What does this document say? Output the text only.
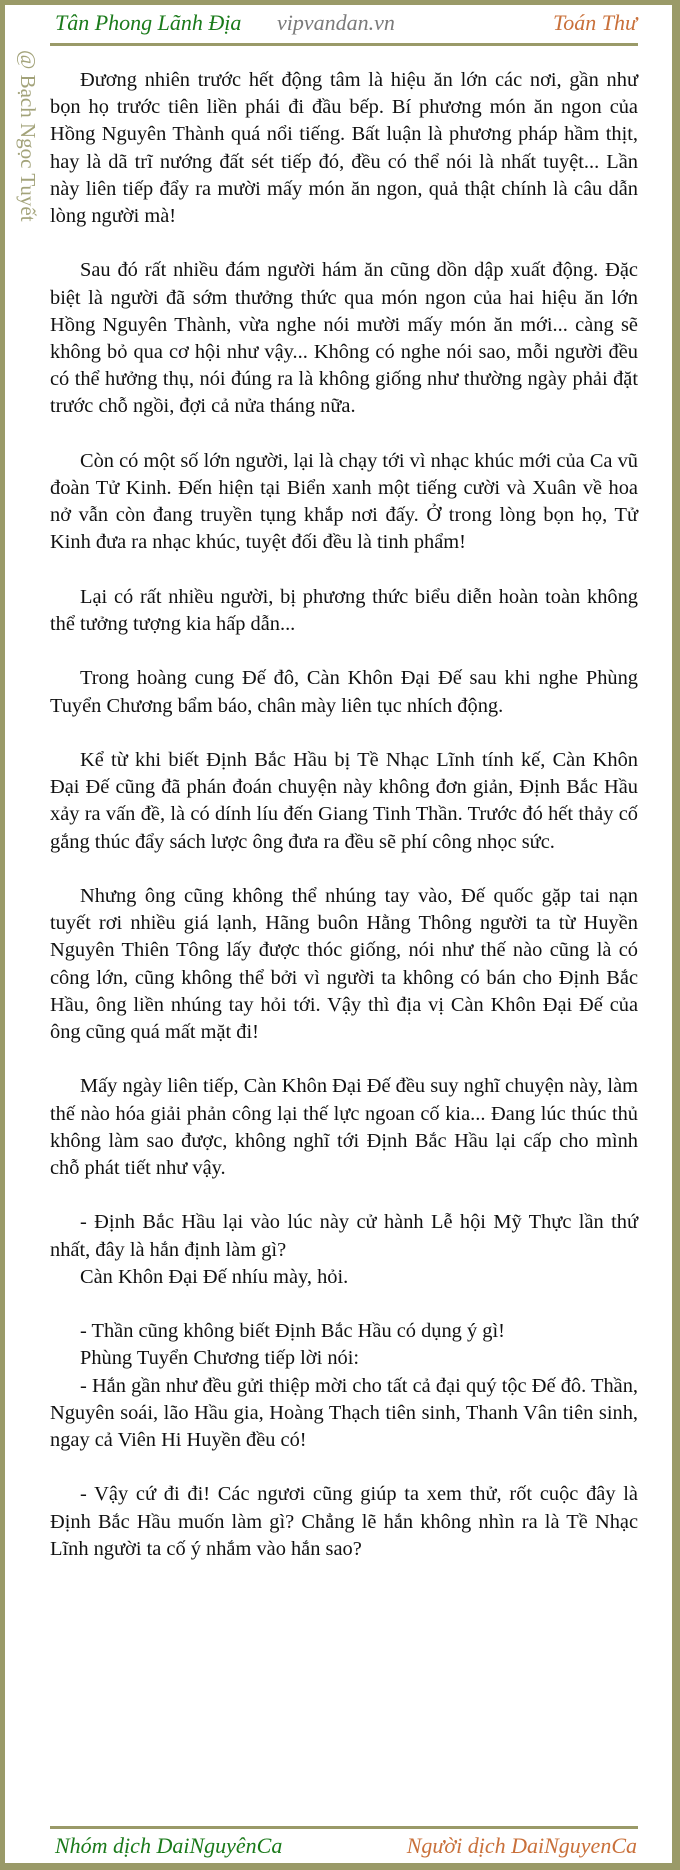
Tân Phong Lãnh Địa vipvandan.vn	Toán Thư
@ Bạch Ngọc Tuyết	Đương nhiên trước hết động tâm là hiệu ăn lớn các nơi, gần như bọn họ trước tiên liền phái đi đầu bếp. Bí phương món ăn ngon của Hồng Nguyên Thành quá nổi tiếng. Bất luận là phương pháp hầm thịt, hay là dã trĩ nướng đất sét tiếp đó, đều có thể nói là nhất tuyệt... Lần này liên tiếp đẩy ra mười mấy món ăn ngon, quả thật chính là câu dẫn lòng người mà!

Sau đó rất nhiều đám người hám ăn cũng dồn dập xuất động. Đặc biệt là người đã sớm thưởng thức qua món ngon của hai hiệu ăn lớn Hồng Nguyên Thành, vừa nghe nói mười mấy món ăn mới... càng sẽ không bỏ qua cơ hội như vậy... Không có nghe nói sao, mỗi người đều có thể hưởng thụ, nói đúng ra là không giống như thường ngày phải đặt trước chỗ ngồi, đợi cả nửa tháng nữa.

Còn có một số lớn người, lại là chạy tới vì nhạc khúc mới của Ca vũ đoàn Tử Kinh. Đến hiện tại Biển xanh một tiếng cười và Xuân về hoa nở vẫn còn đang truyền tụng khắp nơi đấy. Ở trong lòng bọn họ, Tử Kinh đưa ra nhạc khúc, tuyệt đối đều là tinh phẩm!

Lại có rất nhiều người, bị phương thức biểu diễn hoàn toàn không thể tưởng tượng kia hấp dẫn...

Trong hoàng cung Đế đô, Càn Khôn Đại Đế sau khi nghe Phùng Tuyển Chương bẩm báo, chân mày liên tục nhích động.

Kể từ khi biết Định Bắc Hầu bị Tề Nhạc Lĩnh tính kế, Càn Khôn Đại Đế cũng đã phán đoán chuyện này không đơn giản, Định Bắc Hầu xảy ra vấn đề, là có dính líu đến Giang Tinh Thần. Trước đó hết thảy cố gắng thúc đẩy sách lược ông đưa ra đều sẽ phí công nhọc sức.

Nhưng ông cũng không thể nhúng tay vào, Đế quốc gặp tai nạn tuyết rơi nhiều giá lạnh, Hãng buôn Hằng Thông người ta từ Huyền Nguyên Thiên Tông lấy được thóc giống, nói như thế nào cũng là có công lớn, cũng không thể bởi vì người ta không có bán cho Định Bắc Hầu, ông liền nhúng tay hỏi tới. Vậy thì địa vị Càn Khôn Đại Đế của ông cũng quá mất mặt đi!

Mấy ngày liên tiếp, Càn Khôn Đại Đế đều suy nghĩ chuyện này, làm thế nào hóa giải phản công lại thế lực ngoan cố kia... Đang lúc thúc thủ không làm sao được, không nghĩ tới Định Bắc Hầu lại cấp cho mình chỗ phát tiết như vậy.

- Định Bắc Hầu lại vào lúc này cử hành Lễ hội Mỹ Thực lần thứ nhất, đây là hắn định làm gì?

Càn Khôn Đại Đế nhíu mày, hỏi.

- Thần cũng không biết Định Bắc Hầu có dụng ý gì!

Phùng Tuyển Chương tiếp lời nói:

- Hắn gần như đều gửi thiệp mời cho tất cả đại quý tộc Đế đô. Thần, Nguyên soái, lão Hầu gia, Hoàng Thạch tiên sinh, Thanh Vân tiên sinh, ngay cả Viên Hi Huyền đều có!

- Vậy cứ đi đi! Các ngươi cũng giúp ta xem thử, rốt cuộc đây là Định Bắc Hầu muốn làm gì? Chẳng lẽ hắn không nhìn ra là Tề Nhạc Lĩnh người ta cố ý nhắm vào hắn sao?

Nhóm dịch DaiNguyênCa	Người dịch DaiNguyenCa
